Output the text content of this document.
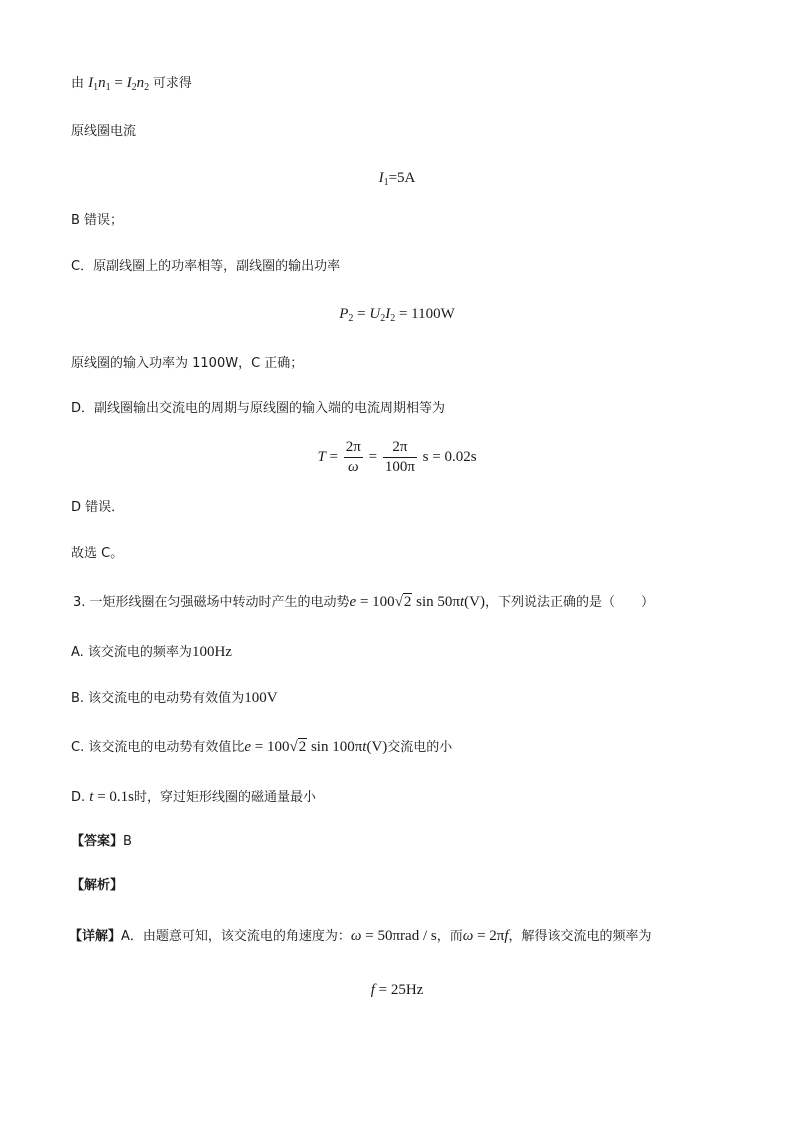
由 $I_1n_1 = I_2n_2$ 可求得
原线圈电流
$I_1=5A$
B 错误；
C．原副线圈上的功率相等，副线圈的输出功率
$P_2 = U_2I_2 = 1100W$
原线圈的输入功率为 1100W，C 正确；
D．副线圈输出交流电的周期与原线圈的输入端的电流周期相等为
$T = \frac{2\pi}{\omega} = \frac{2\pi}{100\pi}$ s = 0.02s
D 错误．
故选 C。
3. 一矩形线圈在匀强磁场中转动时产生的电动势e = 100√2 sin 50πt(V)，下列说法正确的是（　　）
A. 该交流电的频率为100Hz
B. 该交流电的电动势有效值为100V
C. 该交流电的电动势有效值比e = 100√2 sin 100πt(V)交流电的小
D. t = 0.1s时，穿过矩形线圈的磁通量最小
【答案】B
【解析】
【详解】A．由题意可知，该交流电的角速度为：ω = 50πrad / s，而ω = 2πf，解得该交流电的频率为
f = 25Hz
